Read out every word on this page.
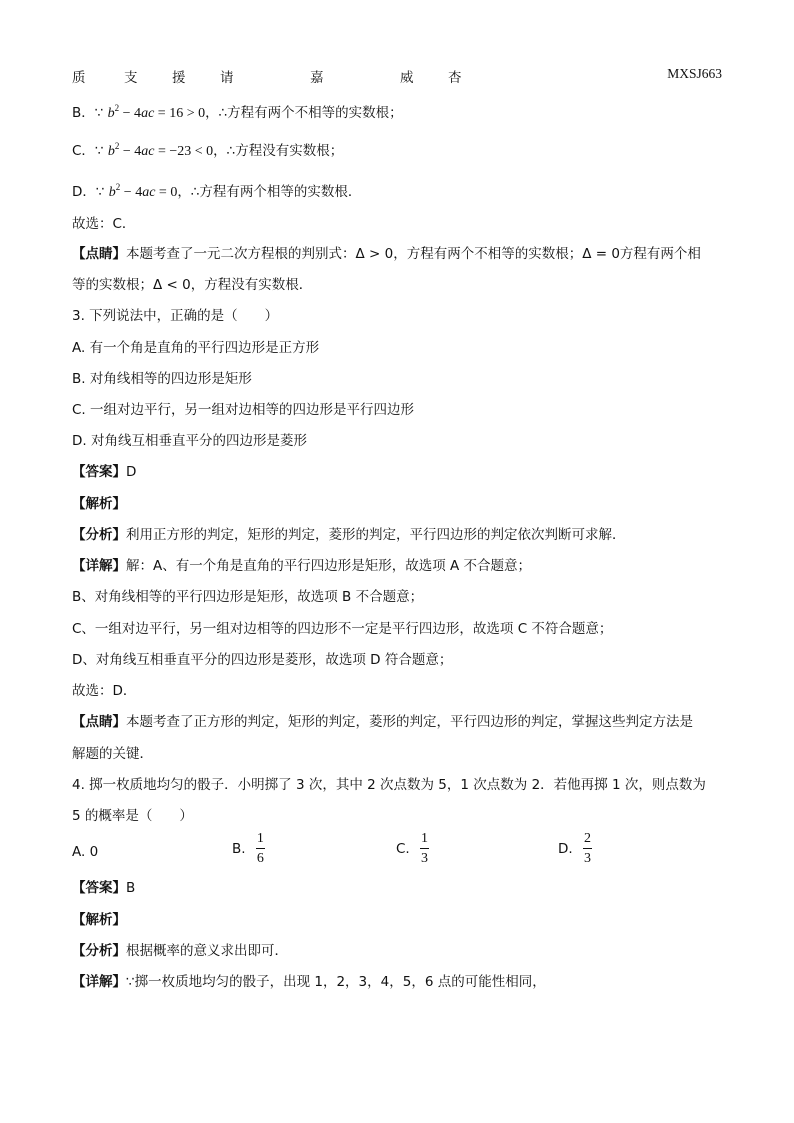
质	支	援	请	嘉	威	杏	MXSJ663
B．∵ $b^2 - 4ac = 16 > 0$，∴方程有两个不相等的实数根；
C．∵ $b^2 - 4ac = -23 < 0$，∴方程没有实数根；
D．∵ $b^2 - 4ac = 0$，∴方程有两个相等的实数根．
故选：C．
【点睛】本题考查了一元二次方程根的判别式：Δ > 0，方程有两个不相等的实数根；Δ = 0方程有两个相
等的实数根；Δ < 0，方程没有实数根．
3. 下列说法中，正确的是（　　）
A. 有一个角是直角的平行四边形是正方形
B. 对角线相等的四边形是矩形
C. 一组对边平行，另一组对边相等的四边形是平行四边形
D. 对角线互相垂直平分的四边形是菱形
【答案】D
【解析】
【分析】利用正方形的判定，矩形的判定，菱形的判定，平行四边形的判定依次判断可求解．
【详解】解：A、有一个角是直角的平行四边形是矩形，故选项 A 不合题意；
B、对角线相等的平行四边形是矩形，故选项 B 不合题意；
C、一组对边平行，另一组对边相等的四边形不一定是平行四边形，故选项 C 不符合题意；
D、对角线互相垂直平分的四边形是菱形，故选项 D 符合题意；
故选：D．
【点睛】本题考查了正方形的判定，矩形的判定，菱形的判定，平行四边形的判定，掌握这些判定方法是
解题的关键．
4. 掷一枚质地均匀的骰子．小明掷了 3 次，其中 2 次点数为 5，1 次点数为 2．若他再掷 1 次，则点数为
5 的概率是（　　）
A. 0	B. $\frac{1}{6}$	C. $\frac{1}{3}$	D. $\frac{2}{3}$
【答案】B
【解析】
【分析】根据概率的意义求出即可．
【详解】∵掷一枚质地均匀的骰子，出现 1，2，3，4，5，6 点的可能性相同，
